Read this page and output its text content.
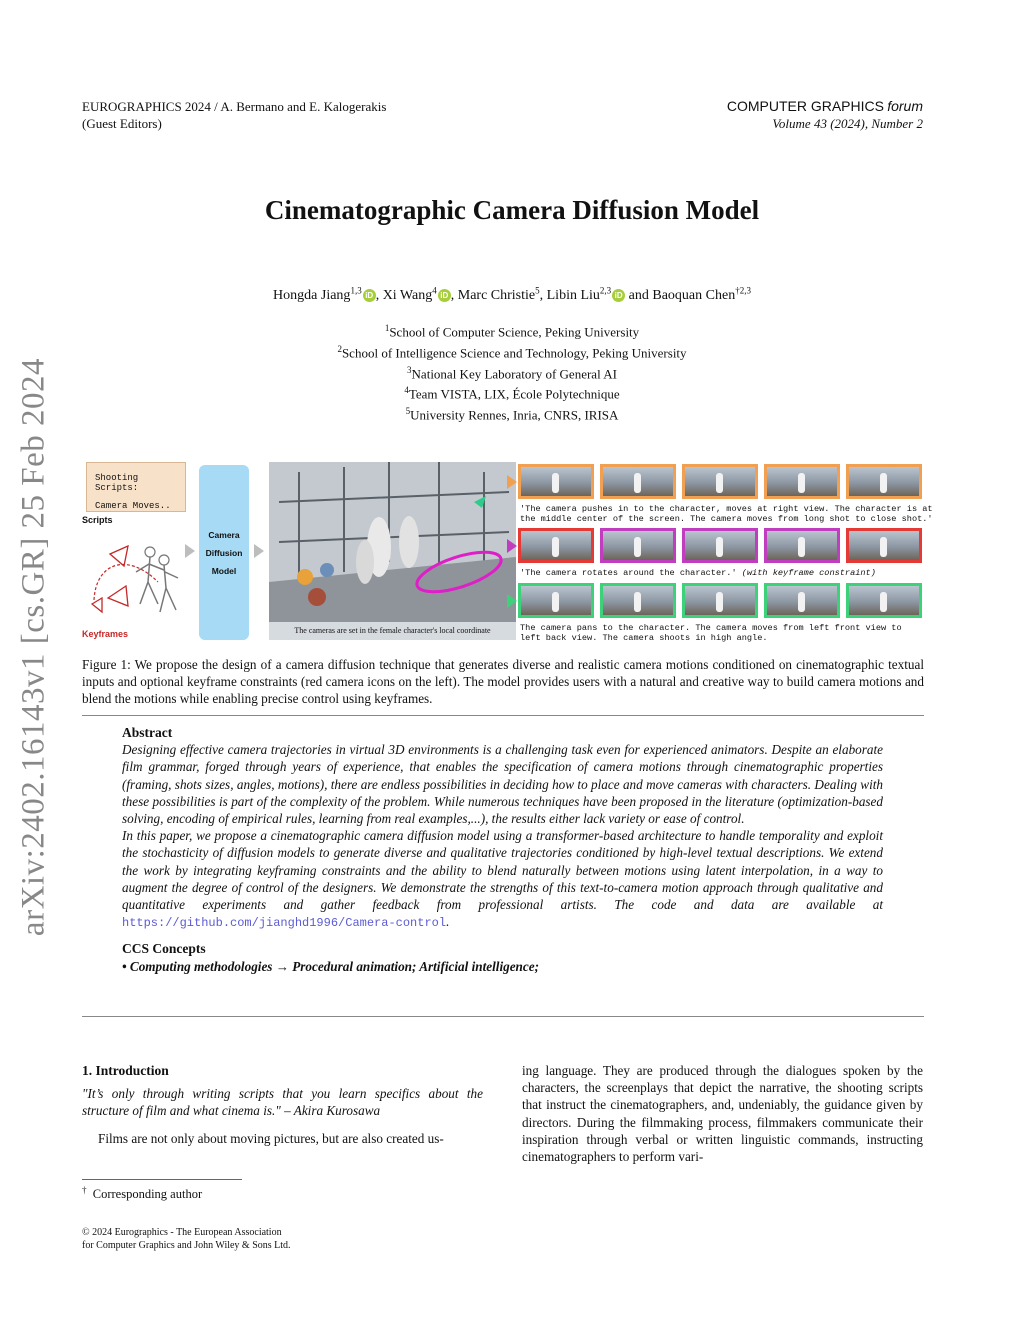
EUROGRAPHICS 2024 / A. Bermano and E. Kalogerakis
(Guest Editors)
COMPUTER GRAPHICS forum
Volume 43 (2024), Number 2
arXiv:2402.16143v1 [cs.GR] 25 Feb 2024
Cinematographic Camera Diffusion Model
Hongda Jiang$^{1,3}$iD , Xi Wang$^4$iD , Marc Christie$^5$, Libin Liu$^{2,3}$iD and Baoquan Chen$^{\dagger 2,3}$
$^1$School of Computer Science, Peking University
$^2$School of Intelligence Science and Technology, Peking University
$^3$National Key Laboratory of General AI
$^4$Team VISTA, LIX, École Polytechnique
$^5$University Rennes, Inria, CNRS, IRISA
Shooting Scripts:
Camera Moves..
Scripts
Keyframes
Camera
Diffusion
Model
The cameras are set in the female character's local coordinate
'The camera pushes in to the character, moves at right view. The character is at
the middle center of the screen. The camera moves from long shot to close shot.'
'The camera rotates around the character.' (with keyframe constraint)
The camera pans to the character. The camera moves from left front view to
left back view. The camera shoots in high angle.
Figure 1: We propose the design of a camera diffusion technique that generates diverse and realistic camera motions conditioned on cinematographic textual inputs and optional keyframe constraints (red camera icons on the left). The model provides users with a natural and creative way to build camera motions and blend the motions while enabling precise control using keyframes.
Abstract

Designing effective camera trajectories in virtual 3D environments is a challenging task even for experienced animators. Despite an elaborate film grammar, forged through years of experience, that enables the specification of camera motions through cinematographic properties (framing, shots sizes, angles, motions), there are endless possibilities in deciding how to place and move cameras with characters. Dealing with these possibilities is part of the complexity of the problem. While numerous techniques have been proposed in the literature (optimization-based solving, encoding of empirical rules, learning from real examples,...), the results either lack variety or ease of control.

In this paper, we propose a cinematographic camera diffusion model using a transformer-based architecture to handle temporality and exploit the stochasticity of diffusion models to generate diverse and qualitative trajectories conditioned by high-level textual descriptions. We extend the work by integrating keyframing constraints and the ability to blend naturally between motions using latent interpolation, in a way to augment the degree of control of the designers. We demonstrate the strengths of this text-to-camera motion approach through qualitative and quantitative experiments and gather feedback from professional artists. The code and data are available at https://github.com/jianghd1996/Camera-control.

CCS Concepts
• Computing methodologies → Procedural animation; Artificial intelligence;
1. Introduction

"It’s only through writing scripts that you learn specifics about the structure of film and what cinema is." – Akira Kurosawa

Films are not only about moving pictures, but are also created us-

ing language. They are produced through the dialogues spoken by the characters, the screenplays that depict the narrative, the shooting scripts that instruct the cinematographers, and, undeniably, the guidance given by directors. During the filmmaking process, filmmakers communicate their inspiration through verbal or written linguistic commands, instructing cinematographers to perform vari-

† Corresponding author
© 2024 Eurographics - The European Association
for Computer Graphics and John Wiley & Sons Ltd.
